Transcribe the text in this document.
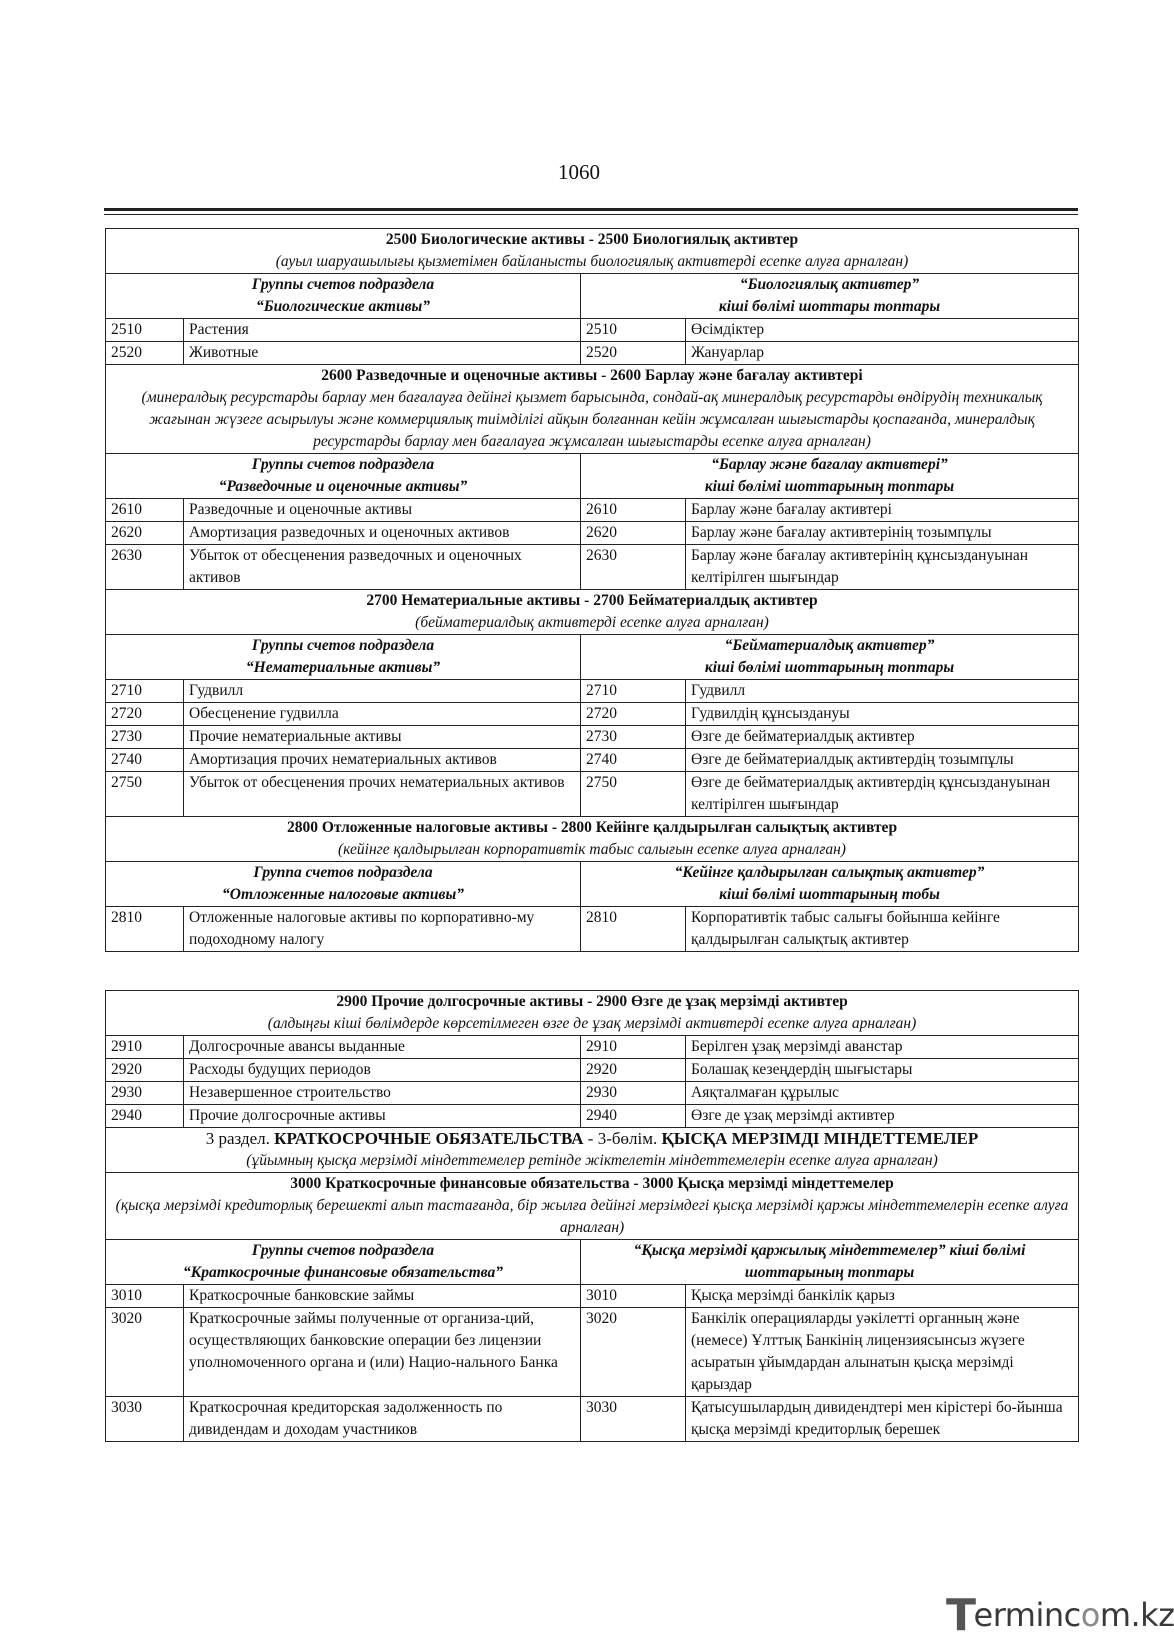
1060
2500 Биологические активы - 2500 Биологиялық активтер
(ауыл шаруашылығы қызметімен байланысты биологиялық активтерді есепке алуға арналған)			

Группы счетов подраздела
“Биологические активы”		“Биологиялық активтер”
кіші бөлімі шоттары топтары	

2510	Растения	2510	Өсімдіктер
2520	Животные	2520	Жануарлар

2600 Разведочные и оценочные активы - 2600 Барлау және бағалау активтері
(минералдық ресурстарды барлау мен бағалауға дейінгі қызмет барысында, сондай-ақ минералдық ресурстарды өндірудің техникалық жағынан жүзеге асырылуы және коммерциялық тиімділігі айқын болғаннан кейін жұмсалған шығыстарды қоспағанда, минералдық ресурстарды барлау мен бағалауға жұмсалған шығыстарды есепке алуға арналған)			

Группы счетов подраздела
“Разведочные и оценочные активы”		“Барлау және бағалау активтері”
кіші бөлімі шоттарының топтары	

2610	Разведочные и оценочные активы	2610	Барлау және бағалау активтері
2620	Амортизация разведочных и оценочных активов	2620	Барлау және бағалау активтерінің тозымпұлы
2630	Убыток от обесценения разведочных и оценочных активов	2630	Барлау және бағалау активтерінің құнсыздануынан келтірілген шығындар

2700 Нематериальные активы - 2700 Бейматериалдық активтер
(бейматериалдық активтерді есепке алуға арналған)			

Группы счетов подраздела
“Нематериальные активы”		“Бейматериалдық активтер”
кіші бөлімі шоттарының топтары	

2710	Гудвилл	2710	Гудвилл
2720	Обесценение гудвилла	2720	Гудвилдің құнсыздануы
2730	Прочие нематериальные активы	2730	Өзге де бейматериалдық активтер
2740	Амортизация прочих нематериальных активов	2740	Өзге де бейматериалдық активтердің тозымпұлы
2750	Убыток от обесценения прочих нематериальных активов	2750	Өзге де бейматериалдық активтердің құнсыздануынан келтірілген шығындар

2800 Отложенные налоговые активы - 2800 Кейінге қалдырылған салықтық активтер
(кейінге қалдырылған корпоративтік табыс салығын есепке алуға арналған)			

Группа счетов подраздела
“Отложенные налоговые активы”		“Кейінге қалдырылған салықтық активтер”
кіші бөлімі шоттарының тобы	

2810	Отложенные налоговые активы по корпоративно-му подоходному налогу	2810	Корпоративтік табыс салығы бойынша кейінге қалдырылған салықтық активтер
2900 Прочие долгосрочные активы - 2900 Өзге де ұзақ мерзімді активтер
(алдыңғы кіші бөлімдерде көрсетілмеген өзге де ұзақ мерзімді активтерді есепке алуға арналған)			

2910	Долгосрочные авансы выданные	2910	Берілген ұзақ мерзімді аванстар
2920	Расходы будущих периодов	2920	Болашақ кезеңдердің шығыстары
2930	Незавершенное строительство	2930	Аяқталмаған құрылыс
2940	Прочие долгосрочные активы	2940	Өзге де ұзақ мерзімді активтер

3 раздел. КРАТКОСРОЧНЫЕ ОБЯЗАТЕЛЬСТВА - 3-бөлім. ҚЫСҚА МЕРЗІМДІ МІНДЕТТЕМЕЛЕР
(ұйымның қысқа мерзімді міндеттемелер ретінде жіктелетін міндеттемелерін есепке алуға арналған)			

3000 Краткосрочные финансовые обязательства - 3000 Қысқа мерзімді міндеттемелер
(қысқа мерзімді кредиторлық берешекті алып тастағанда, бір жылға дейінгі мерзімдегі қысқа мерзімді қаржы міндеттемелерін есепке алуға арналған)			

Группы счетов подраздела
“Краткосрочные финансовые обязательства”		“Қысқа мерзімді қаржылық міндеттемелер” кіші бөлімі
шоттарының топтары	

3010	Краткосрочные банковские займы	3010	Қысқа мерзімді банкілік қарыз
3020	Краткосрочные займы полученные от организа-ций, осуществляющих банковские операции без лицензии уполномоченного органа и (или) Нацио-нального Банка	3020	Банкілік операцияларды уәкілетті органның және (немесе) Ұлттық Банкінің лицензиясынсыз жүзеге асыратын ұйымдардан алынатын қысқа мерзімді қарыздар
3030	Краткосрочная кредиторская задолженность по дивидендам и доходам участников	3030	Қатысушылардың дивидендтері мен кірістері бо-йынша қысқа мерзімді кредиторлық берешек
Termincom.kz
